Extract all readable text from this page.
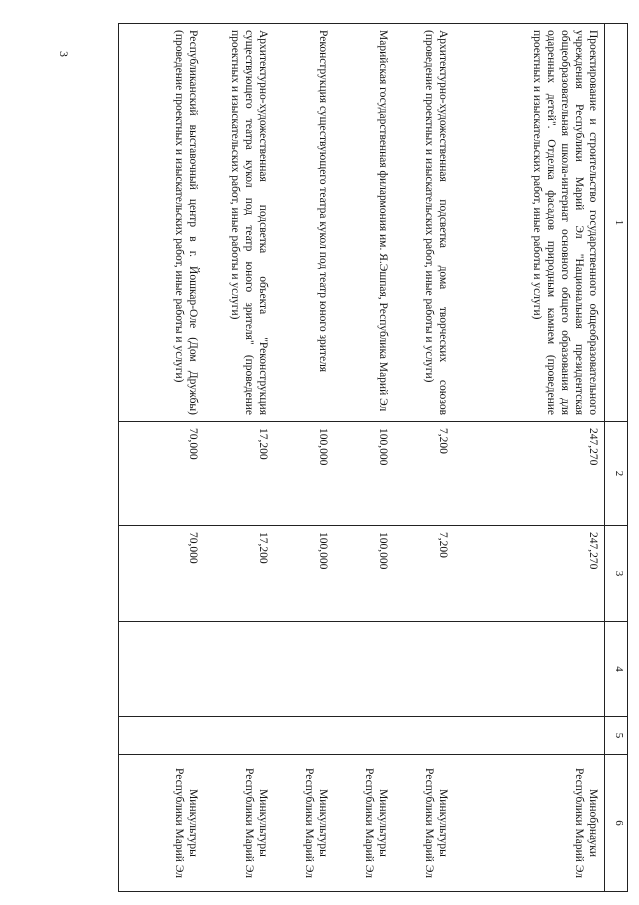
3
1	2	3	4	5	6
Проектирование и строительство государственного общеобразовательного учреждения Республики Марий Эл "Национальная президентская общеобразовательная школа-интернат основного общего образования для одаренных детей". Отделка фасадов природным камнем (проведение проектных и изыскательских работ, иные работы и услуги)	247,270	247,270			Минобрнауки Республики Марий Эл
Архитектурно-художественная подсветка дома творческих союзов (проведение проектных и изыскательских работ, иные работы и услуги)	7,200	7,200			Минкультуры Республики Марий Эл
Марийская государственная филармония им. Я.Эшпая, Республика Марий Эл	100,000	100,000			Минкультуры Республики Марий Эл
Реконструкция существующего театра кукол под театр юного зрителя	100,000	100,000			Минкультуры Республики Марий Эл
Архитектурно-художественная подсветка объекта "Реконструкция существующего театра кукол под театр юного зрителя" (проведение проектных и изыскательских работ, иные работы и услуги)	17,200	17,200			Минкультуры Республики Марий Эл
Республиканский выставочный центр в г. Йошкар-Оле (Дом Дружбы) (проведение проектных и изыскательских работ, иные работы и услуги)	70,000	70,000			Минкультуры Республики Марий Эл
